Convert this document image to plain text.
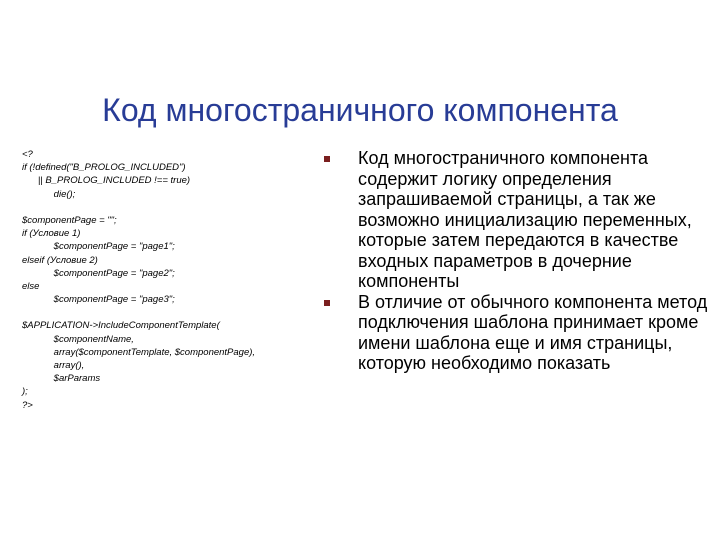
Код многостраничного компонента
<?
if (!defined("B_PROLOG_INCLUDED")
|| B_PROLOG_INCLUDED !== true)
die();
$componentPage = "";
if (Условие 1)
$componentPage = "page1";
elseif (Условие 2)
$componentPage = "page2";
else
$componentPage = "page3";
$APPLICATION->IncludeComponentTemplate(
$componentName,
array($componentTemplate, $componentPage),
array(),
$arParams
);
?>
Код многостраничного компонента содержит логику определения запрашиваемой страницы, а так же возможно инициализацию переменных, которые затем передаются в качестве входных параметров в дочерние компоненты
В отличие от обычного компонента метод подключения шаблона принимает кроме имени шаблона еще и имя страницы, которую необходимо показать
